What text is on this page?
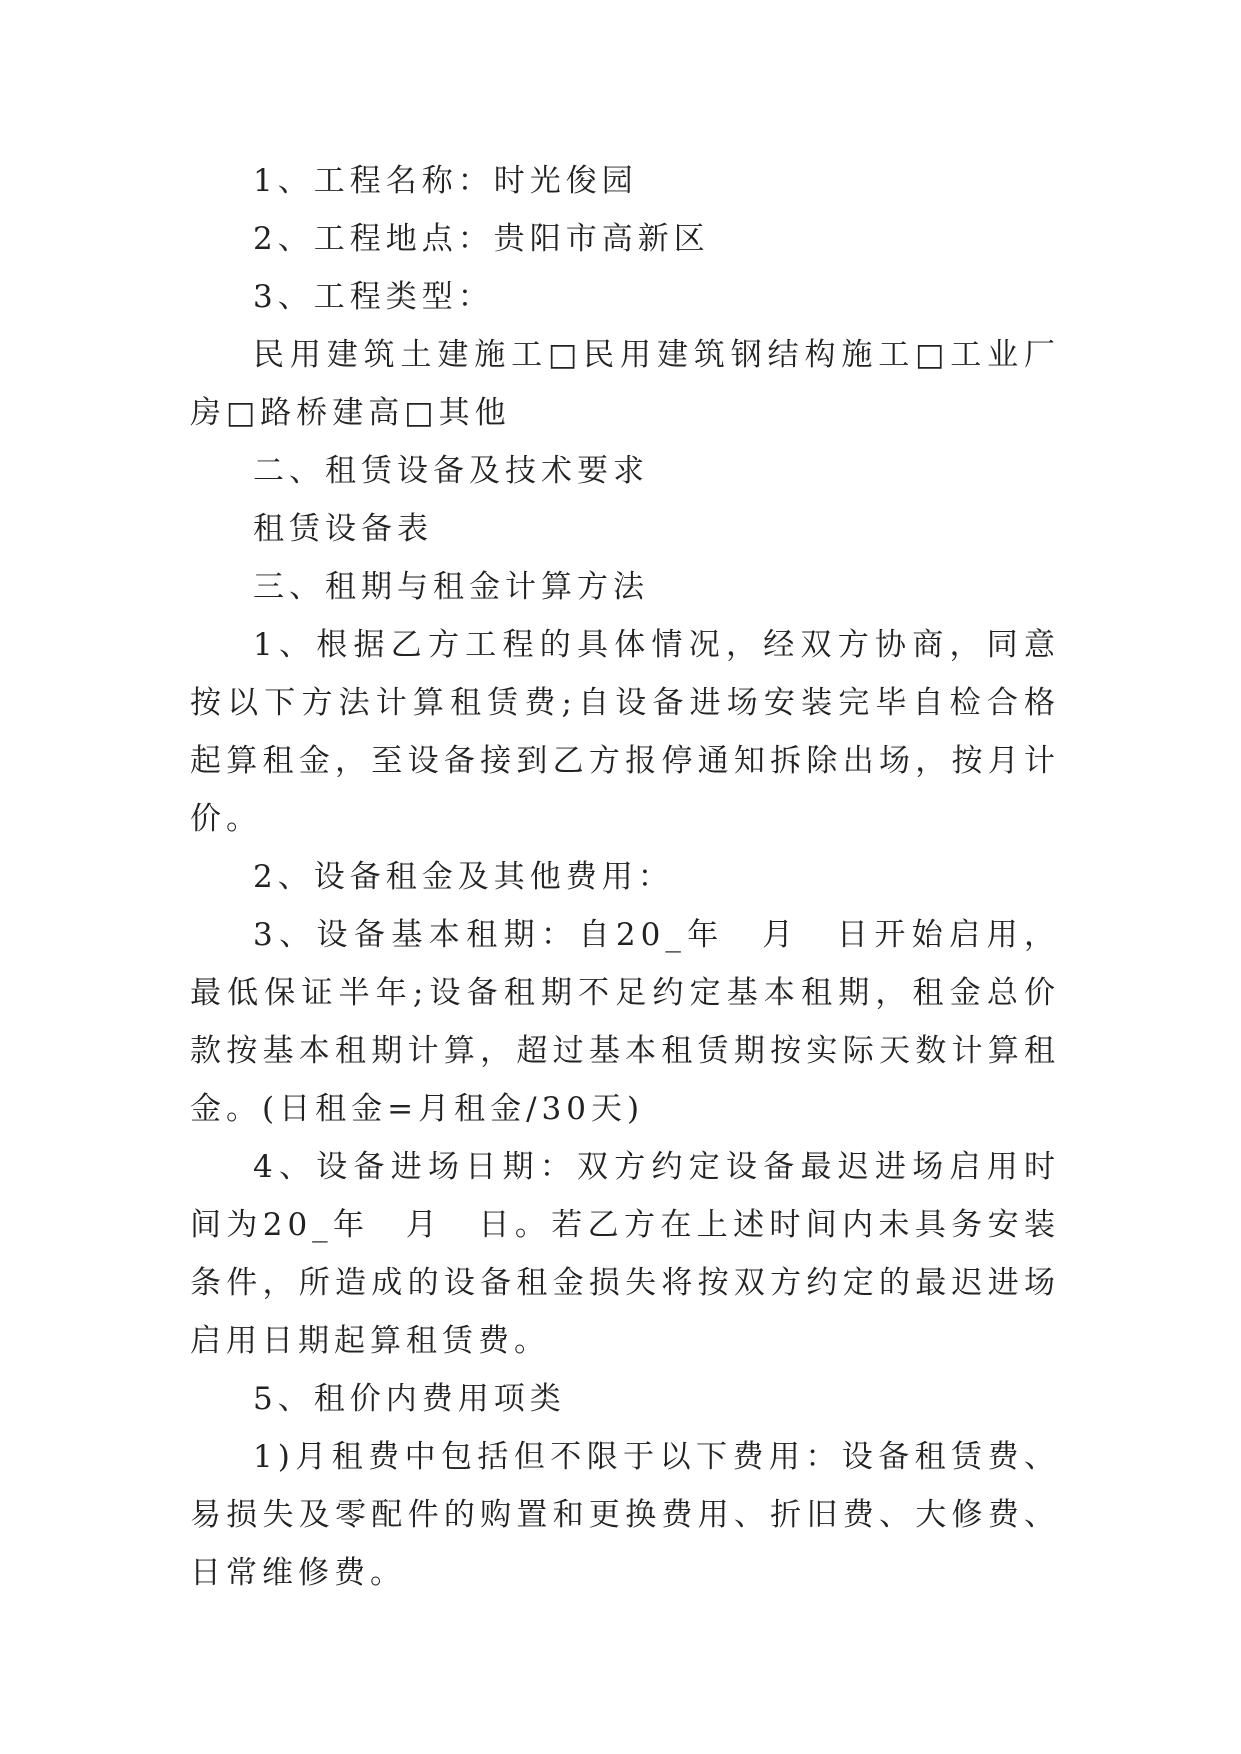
1、工程名称：时光俊园

2、工程地点：贵阳市高新区

3、工程类型：

民用建筑土建施工□民用建筑钢结构施工□工业厂房□路桥建高□其他

二、租赁设备及技术要求

租赁设备表

三、租期与租金计算方法

1、根据乙方工程的具体情况，经双方协商，同意按以下方法计算租赁费;自设备进场安装完毕自检合格起算租金，至设备接到乙方报停通知拆除出场，按月计价。

2、设备租金及其他费用：

3、设备基本租期：自20_年　月　日开始启用，最低保证半年;设备租期不足约定基本租期，租金总价款按基本租期计算，超过基本租赁期按实际天数计算租金。(日租金=月租金/30天)

4、设备进场日期：双方约定设备最迟进场启用时间为20_年　月　日。若乙方在上述时间内未具务安装条件，所造成的设备租金损失将按双方约定的最迟进场启用日期起算租赁费。

5、租价内费用项类

1)月租费中包括但不限于以下费用：设备租赁费、易损失及零配件的购置和更换费用、折旧费、大修费、日常维修费。
